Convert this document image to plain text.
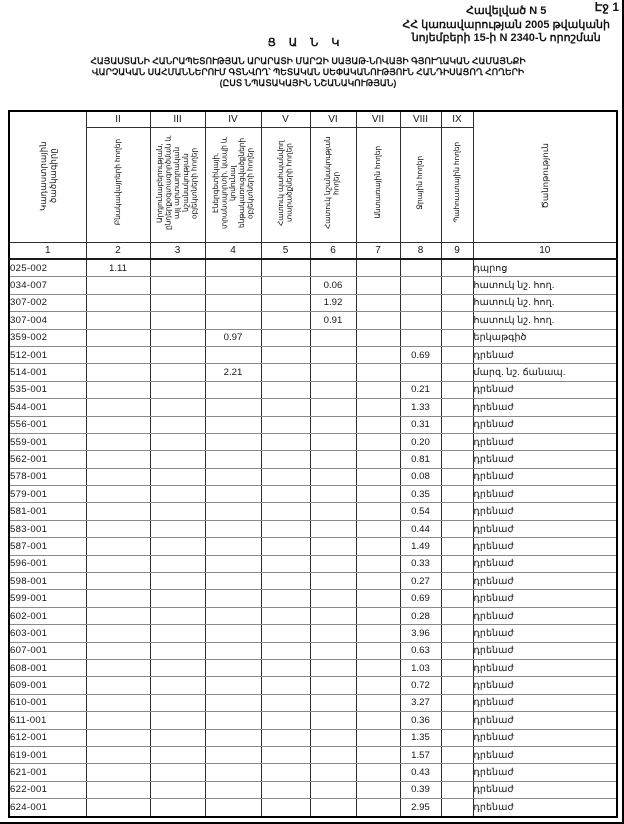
Էջ 1
Հավելված N 5
ՀՀ կառավարության 2005 թվականի
նոյեմբերի 15-ի N 2340-Ն որոշման
Ց Ա Ն Կ
ՀԱՅԱՍՏԱՆԻ ՀԱՆՐԱՊԵՏՈՒԹՅԱՆ ԱՐԱՐԱՏԻ ՄԱՐԶԻ ՍԱՅԱԹ-ՆՈՎԱՅԻ ԳՅՈՒՂԱԿԱՆ ՀԱՄԱՅՆՔԻ
ՎԱՐՉԱԿԱՆ ՍԱՀՄԱՆՆԵՐՈՒՄ ԳՏՆՎՈՂ՝ ՊԵՏԱԿԱՆ ՍԵՓԱԿԱՆՈՒԹՅՈՒՆ ՀԱՆԴԻՍԱՑՈՂ ՀՈՂԵՐԻ
(ԸՍՏ ՆՊԱՏԱԿԱՅԻՆ ՆՇԱՆԱԿՈՒԹՅԱՆ)
Կադաստրային ծածկագիրը	II	III	IV	V	VI	VII	VIII	IX	Ծանոթություն
	Բնակավայրերի հողեր	Արդյունաբերության, ընդերքօգտագործման և այլ արտադրական նշանակության օբյեկտների հողեր	Էներգետիկայի, տրանսպորտի, կապի և կոմունալ ենթակառուցվածքների օբյեկտների հողեր	Հատուկ պահպանվող տարածքների հողեր	Հատուկ նշանակության հողեր	Անտառային հողեր	Ջրային հողեր	Պահուստային հողեր	
1	2	3	4	5	6	7	8	9	10
025-002	1.11								դպրոց
034-007					0.06				հատուկ նշ. հող.
307-002					1.92				հատուկ նշ. հող.
307-004					0.91				հատուկ նշ. հող.
359-002			0.97						երկաթգիծ
512-001							0.69		դրենաժ
514-001			2.21						մարզ. նշ. ճանապ.
535-001							0.21		դրենաժ
544-001							1.33		դրենաժ
556-001							0.31		դրենաժ
559-001							0.20		դրենաժ
562-001							0.81		դրենաժ
578-001							0.08		դրենաժ
579-001							0.35		դրենաժ
581-001							0.54		դրենաժ
583-001							0.44		դրենաժ
587-001							1.49		դրենաժ
596-001							0.33		դրենաժ
598-001							0.27		դրենաժ
599-001							0.69		դրենաժ
602-001							0.28		դրենաժ
603-001							3.96		դրենաժ
607-001							0.63		դրենաժ
608-001							1.03		դրենաժ
609-001							0.72		դրենաժ
610-001							3.27		դրենաժ
611-001							0.36		դրենաժ
612-001							1.35		դրենաժ
619-001							1.57		դրենաժ
621-001							0.43		դրենաժ
622-001							0.39		դրենաժ
624-001							2.95		դրենաժ
